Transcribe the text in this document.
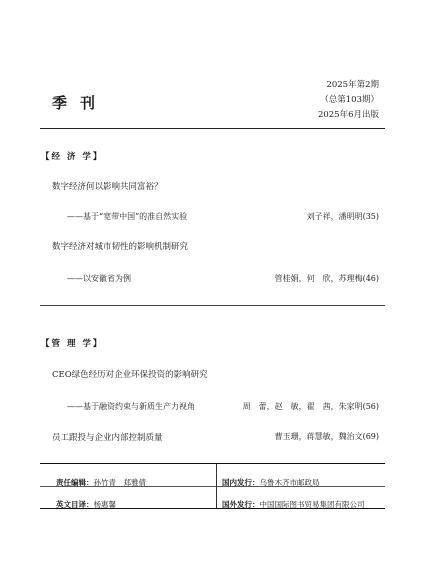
季刊
2025年第2期
（总第103期）
2025年6月出版
【经 济 学】
数字经济何以影响共同富裕？
——基于“宽带中国”的准自然实验	刘子祥，潘明明(35)
数字经济对城市韧性的影响机制研究
——以安徽省为例	管桂娟，何　欣，苏理梅(46)
【管 理 学】
CEO绿色经历对企业环保投资的影响研究
——基于融资约束与新质生产力视角	周　蕾，赵　敏，翟　茜，朱家明(56)
员工跟投与企业内部控制质量	曹玉珊，蒋慧敏，魏治文(69)
责任编辑：孙竹青　郑雅倩	国内发行：乌鲁木齐市邮政局
英文目译：杨惠馨	国外发行：中国国际图书贸易集团有限公司
